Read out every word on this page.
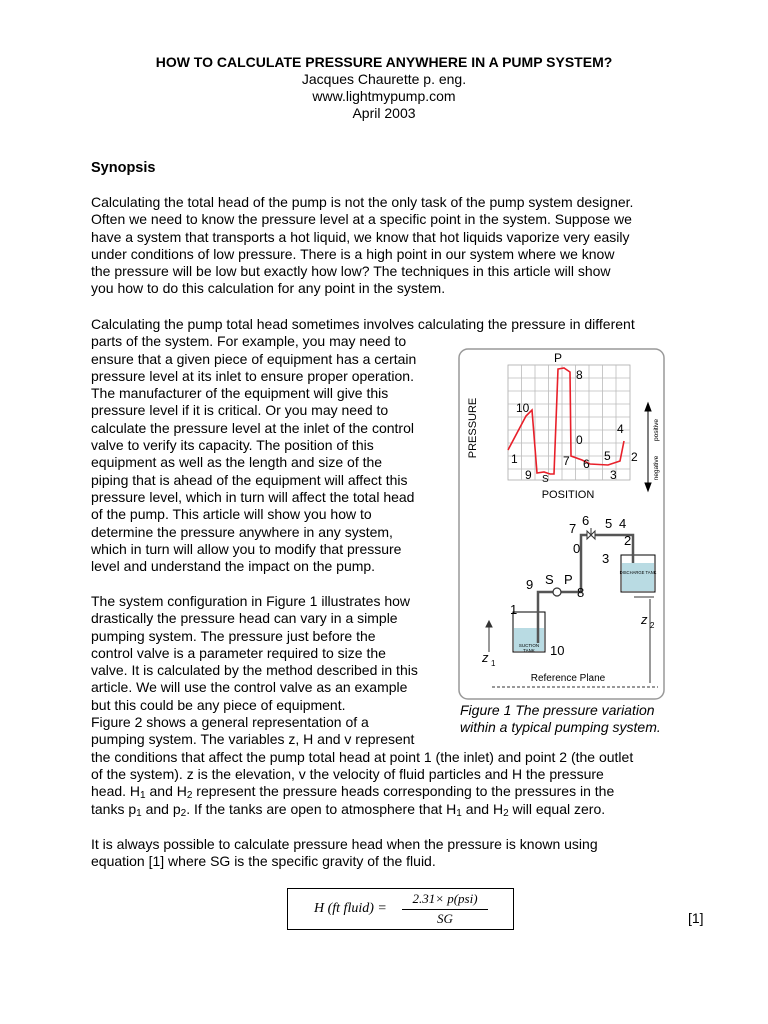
HOW TO CALCULATE PRESSURE ANYWHERE IN A PUMP SYSTEM?
Jacques Chaurette p. eng.
www.lightmypump.com
April 2003
Synopsis
Calculating the total head of the pump is not the only task of the pump system designer.
Often we need to know the pressure level at a specific point in the system. Suppose we
have a system that transports a hot liquid, we know that hot liquids vaporize very easily
under conditions of low pressure. There is a high point in our system where we know
the pressure will be low but exactly how low? The techniques in this article will show
you how to do this calculation for any point in the system.
Calculating the pump total head sometimes involves calculating the pressure in different
parts of the system. For example, you may need to
ensure that a given piece of equipment has a certain
pressure level at its inlet to ensure proper operation.
The manufacturer of the equipment will give this
pressure level if it is critical. Or you may need to
calculate the pressure level at the inlet of the control
valve to verify its capacity. The position of this
equipment as well as the length and size of the
piping that is ahead of the equipment will affect this
pressure level, which in turn will affect the total head
of the pump. This article will show you how to
determine the pressure anywhere in any system,
which in turn will allow you to modify that pressure
level and understand the impact on the pump.
The system configuration in Figure 1 illustrates how
drastically the pressure head can vary in a simple
pumping system. The pressure just before the
control valve is a parameter required to size the
valve. It is calculated by the method described in this
article. We will use the control valve as an example
but this could be any piece of equipment.
Figure 2 shows a general representation of a
pumping system. The variables z, H and v represent
the conditions that affect the pump total head at point 1 (the inlet) and point 2 (the outlet
of the system). z is the elevation, v the velocity of fluid particles and H the pressure
head. $H_1$ and $H_2$ represent the pressure heads corresponding to the pressures in the
tanks $p_1$ and $p_2$. If the tanks are open to atmosphere that $H_1$ and $H_2$ will equal zero.
It is always possible to calculate pressure head when the pressure is known using
equation [1] where SG is the specific gravity of the fluid.
PRESSURE
POSITION
positive
negative
P
8
10
0
4
1	7 6
5 2
9 S	3
SUCTION
TANK
DISCHARGE TANK
7
6 5 4
0
2
3
9 S P
8
1
10
z 1
z 2
Reference Plane
Figure 1 The pressure variation
within a typical pumping system.
H (ft fluid) =
2.31× p(psi)
SG	[1]
